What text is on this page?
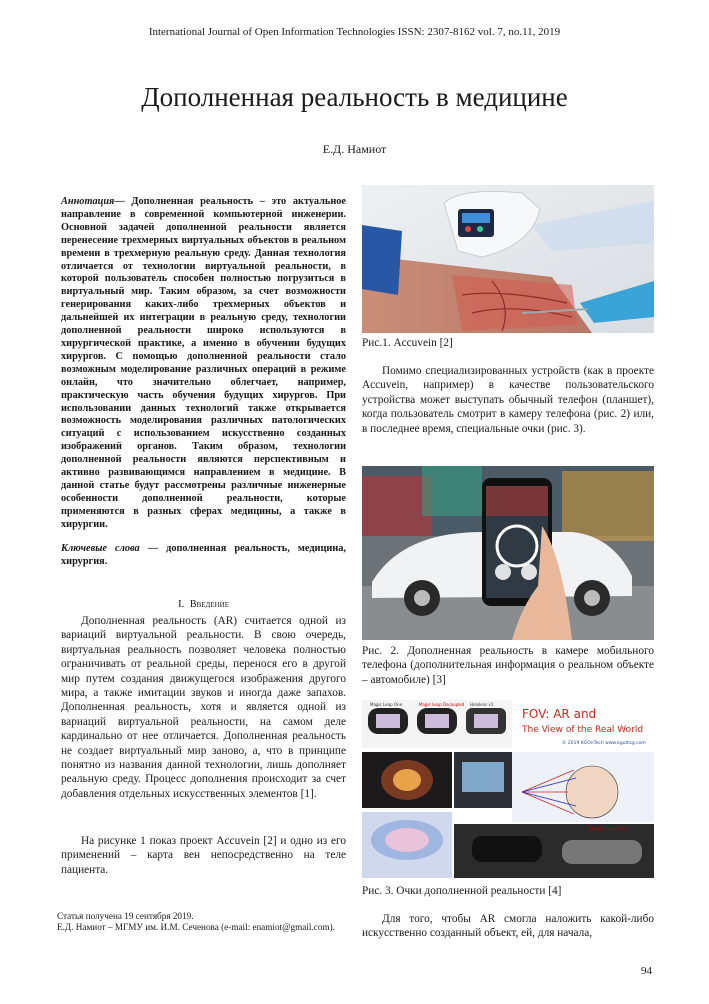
International Journal of Open Information Technologies ISSN: 2307-8162 vol. 7, no.11, 2019
Дополненная реальность в медицине
Е.Д. Намиот
Аннотация— Дополненная реальность – это актуальное направление в современной компьютерной инженерии. Основной задачей дополненной реальности является перенесение трехмерных виртуальных объектов в реальном времени в трехмерную реальную среду. Данная технология отличается от технологии виртуальной реальности, в которой пользователь способен полностью погрузиться в виртуальный мир. Таким образом, за счет возможности генерирования каких-либо трехмерных объектов и дальнейшей их интеграции в реальную среду, технологии дополненной реальности широко используются в хирургической практике, а именно в обучении будущих хирургов. С помощью дополненной реальности стало возможным моделирование различных операций в режиме онлайн, что значительно облегчает, например, практическую часть обучения будущих хирургов. При использовании данных технологий также открывается возможность моделирования различных патологических ситуаций с использованием искусственно созданных изображений органов. Таким образом, технологии дополненной реальности являются перспективным и активно развивающимся направлением в медицине. В данной статье будут рассмотрены различные инженерные особенности дополненной реальности, которые применяются в разных сферах медицины, а также в хирургии.
Ключевые слова — дополненная реальность, медицина, хирургия.
I. Введение
Дополненная реальность (AR) считается одной из вариаций виртуальной реальности. В свою очередь, виртуальная реальность позволяет человека полностью ограничивать от реальной среды, перенося его в другой мир путем создания движущегося изображения другого мира, а также имитации звуков и иногда даже запахов. Дополненная реальность, хотя и является одной из вариаций виртуальной реальности, на самом деле кардинально от нее отличается. Дополненная реальность не создает виртуальный мир заново, а, что в принципе понятно из названия данной технологии, лишь дополняет реальную среду. Процесс дополнения происходит за счет добавления отдельных искусственных элементов [1].
На рисунке 1 показ проект Accuvein [2] и одно из его применений – карта вен непосредственно на теле пациента.
Статья получена 19 сентября 2019.
Е.Д. Намиот – МГМУ им. И.М. Сеченова (e-mail: enamiot@gmail.com).
Рис.1. Accuvein [2]
Помимо специализированных устройств (как в проекте Accuvein, например) в качестве пользовательского устройства может выступать обычный телефон (планшет), когда пользователь смотрит в камеру телефона (рис. 2) или, в последнее время, специальные очки (рис. 3).
Рис. 2. Дополненная реальность в камере мобильного телефона (дополнительная информация о реальном объекте – автомобиле) [3]
Magic Leap One	Magic Leap Decoupled Hololens v1
FOV: AR and
The View of the Real World
© 2019 KGOnTech www.kguttag.com
Magic Leap One
Рис. 3. Очки дополненной реальности [4]
Для того, чтобы AR смогла наложить какой-либо искусственно созданный объект, ей, для начала,
94
